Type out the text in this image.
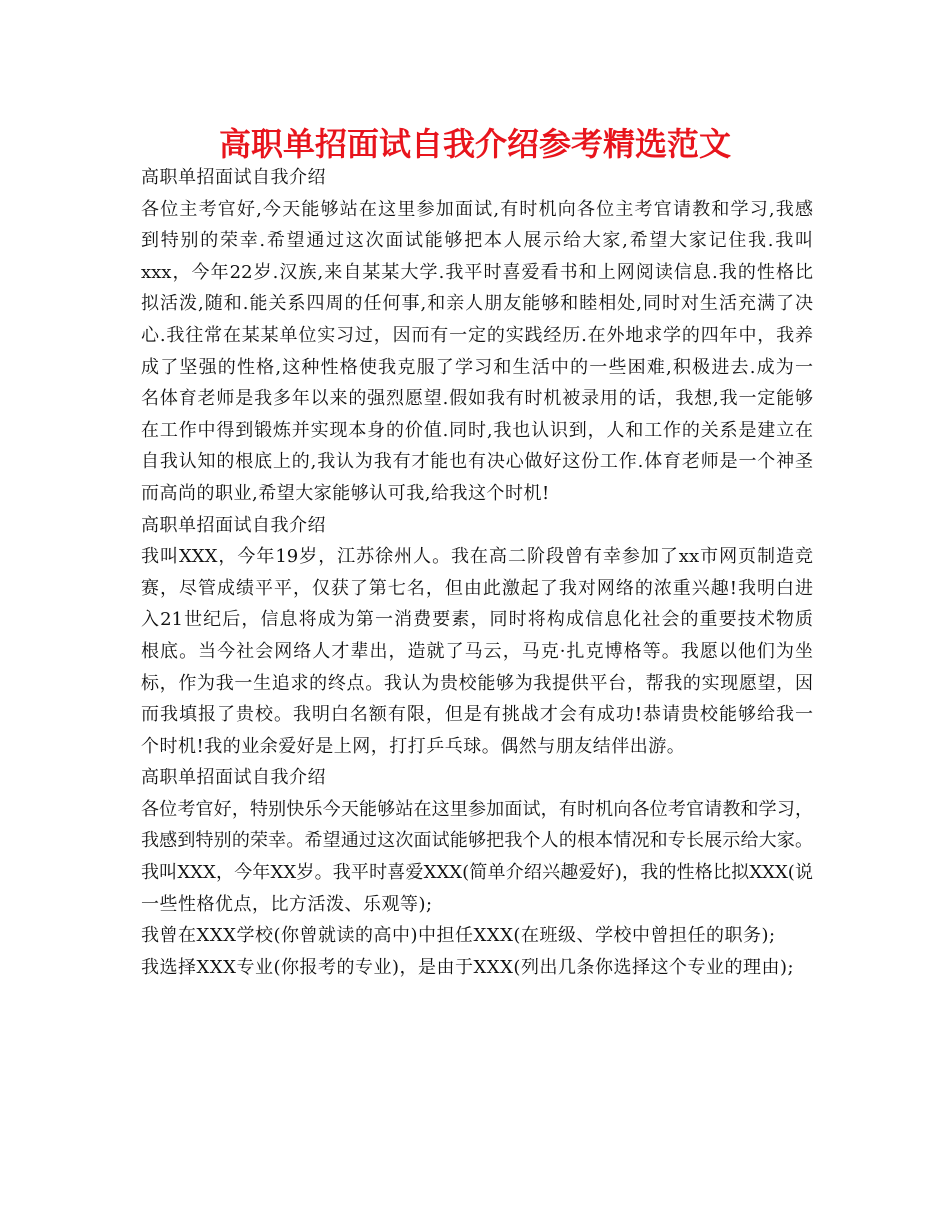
高职单招面试自我介绍参考精选范文
高职单招面试自我介绍
各位主考官好,今天能够站在这里参加面试,有时机向各位主考官请教和学习,我感
到特别的荣幸.希望通过这次面试能够把本人展示给大家,希望大家记住我.我叫
xxx，今年22岁.汉族,来自某某大学.我平时喜爱看书和上网阅读信息.我的性格比
拟活泼,随和.能关系四周的任何事,和亲人朋友能够和睦相处,同时对生活充满了决
心.我往常在某某单位实习过，因而有一定的实践经历.在外地求学的四年中，我养
成了坚强的性格,这种性格使我克服了学习和生活中的一些困难,积极进去.成为一
名体育老师是我多年以来的强烈愿望.假如我有时机被录用的话，我想,我一定能够
在工作中得到锻炼并实现本身的价值.同时,我也认识到，人和工作的关系是建立在
自我认知的根底上的,我认为我有才能也有决心做好这份工作.体育老师是一个神圣
而高尚的职业,希望大家能够认可我,给我这个时机!
高职单招面试自我介绍
我叫XXX，今年19岁，江苏徐州人。我在高二阶段曾有幸参加了xx市网页制造竞
赛，尽管成绩平平，仅获了第七名，但由此激起了我对网络的浓重兴趣!我明白进
入21世纪后，信息将成为第一消费要素，同时将构成信息化社会的重要技术物质
根底。当今社会网络人才辈出，造就了马云，马克·扎克博格等。我愿以他们为坐
标，作为我一生追求的终点。我认为贵校能够为我提供平台，帮我的实现愿望，因
而我填报了贵校。我明白名额有限，但是有挑战才会有成功!恭请贵校能够给我一
个时机!我的业余爱好是上网，打打乒乓球。偶然与朋友结伴出游。
高职单招面试自我介绍
各位考官好，特别快乐今天能够站在这里参加面试，有时机向各位考官请教和学习，
我感到特别的荣幸。希望通过这次面试能够把我个人的根本情况和专长展示给大家。
我叫XXX，今年XX岁。我平时喜爱XXX(简单介绍兴趣爱好)，我的性格比拟XXX(说
一些性格优点，比方活泼、乐观等);
我曾在XXX学校(你曾就读的高中)中担任XXX(在班级、学校中曾担任的职务);
我选择XXX专业(你报考的专业)，是由于XXX(列出几条你选择这个专业的理由);
